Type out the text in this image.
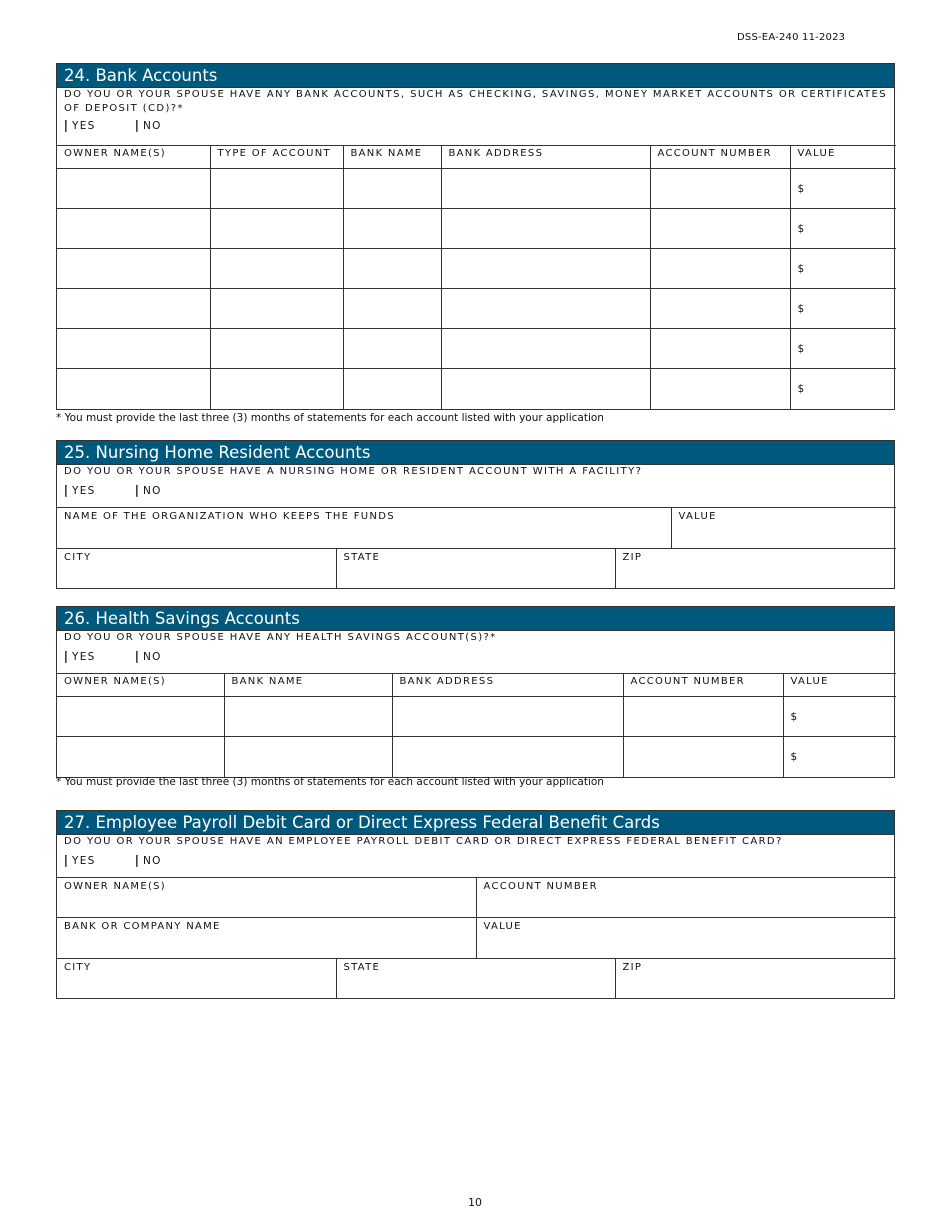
DSS-EA-240 11-2023
24. Bank Accounts
DO YOU OR YOUR SPOUSE HAVE ANY BANK ACCOUNTS, SUCH AS CHECKING, SAVINGS, MONEY MARKET ACCOUNTS OR CERTIFICATES OF DEPOSIT (CD)?*
YES	NO
OWNER NAME(S)	TYPE OF ACCOUNT	BANK NAME	BANK ADDRESS	ACCOUNT NUMBER	VALUE
					$
					$
					$
					$
					$
					$
* You must provide the last three (3) months of statements for each account listed with your application
25. Nursing Home Resident Accounts
DO YOU OR YOUR SPOUSE HAVE A NURSING HOME OR RESIDENT ACCOUNT WITH A FACILITY?
YES	NO
NAME OF THE ORGANIZATION WHO KEEPS THE FUNDS	VALUE
CITY	STATE	ZIP
26. Health Savings Accounts
DO YOU OR YOUR SPOUSE HAVE ANY HEALTH SAVINGS ACCOUNT(S)?*
YES	NO
OWNER NAME(S)	BANK NAME	BANK ADDRESS	ACCOUNT NUMBER	VALUE
				$
				$
* You must provide the last three (3) months of statements for each account listed with your application
27. Employee Payroll Debit Card or Direct Express Federal Benefit Cards
DO YOU OR YOUR SPOUSE HAVE AN EMPLOYEE PAYROLL DEBIT CARD OR DIRECT EXPRESS FEDERAL BENEFIT CARD?
YES	NO
OWNER NAME(S)	ACCOUNT NUMBER
BANK OR COMPANY NAME	VALUE
CITY	STATE	ZIP
10
